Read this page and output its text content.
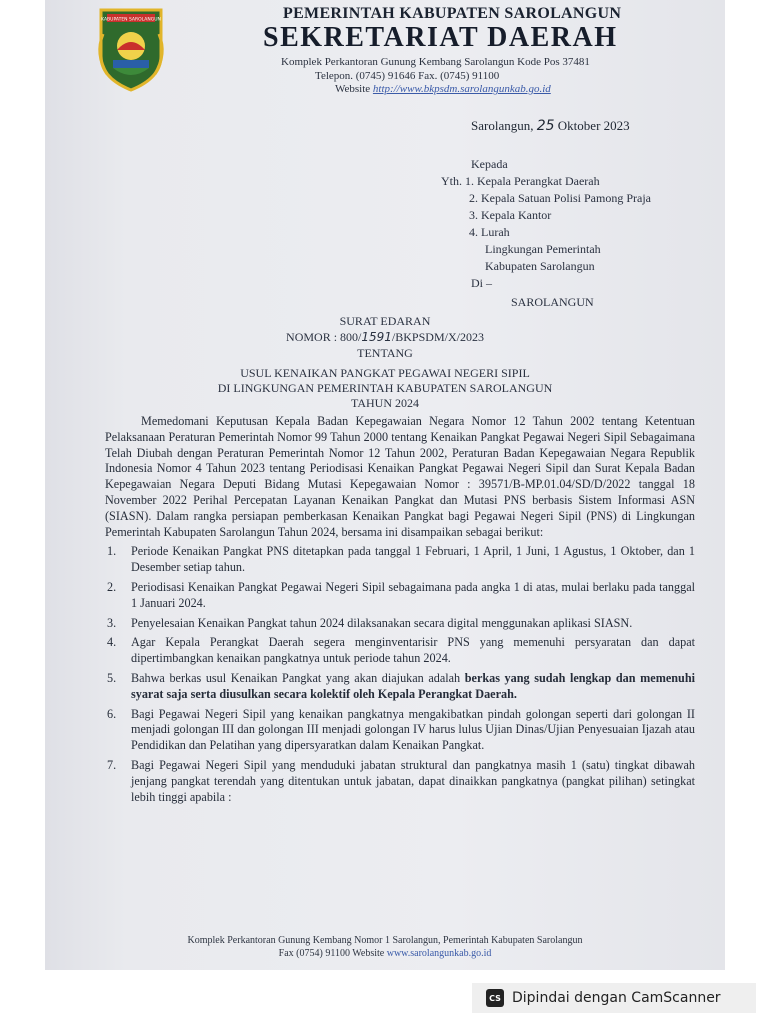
KABUPATEN SAROLANGUN	PEMERINTAH KABUPATEN SAROLANGUN
SEKRETARIAT DAERAH
Komplek Perkantoran Gunung Kembang Sarolangun Kode Pos 37481
Telepon. (0745) 91646 Fax. (0745) 91100
Website http://www.bkpsdm.sarolangunkab.go.id
Sarolangun, 25 Oktober 2023
Kepada
Yth. 1. Kepala Perangkat Daerah
2. Kepala Satuan Polisi Pamong Praja
3. Kepala Kantor
4. Lurah
Lingkungan Pemerintah
Kabupaten Sarolangun
Di –
SAROLANGUN
SURAT EDARAN
NOMOR : 800/1591/BKPSDM/X/2023
TENTANG
USUL KENAIKAN PANGKAT PEGAWAI NEGERI SIPIL
DI LINGKUNGAN PEMERINTAH KABUPATEN SAROLANGUN
TAHUN 2024

Memedomani Keputusan Kepala Badan Kepegawaian Negara Nomor 12 Tahun 2002 tentang Ketentuan Pelaksanaan Peraturan Pemerintah Nomor 99 Tahun 2000 tentang Kenaikan Pangkat Pegawai Negeri Sipil Sebagaimana Telah Diubah dengan Peraturan Pemerintah Nomor 12 Tahun 2002, Peraturan Badan Kepegawaian Negara Republik Indonesia Nomor 4 Tahun 2023 tentang Periodisasi Kenaikan Pangkat Pegawai Negeri Sipil dan Surat Kepala Badan Kepegawaian Negara Deputi Bidang Mutasi Kepegawaian Nomor : 39571/B-MP.01.04/SD/D/2022 tanggal 18 November 2022 Perihal Percepatan Layanan Kenaikan Pangkat dan Mutasi PNS berbasis Sistem Informasi ASN (SIASN). Dalam rangka persiapan pemberkasan Kenaikan Pangkat bagi Pegawai Negeri Sipil (PNS) di Lingkungan Pemerintah Kabupaten Sarolangun Tahun 2024, bersama ini disampaikan sebagai berikut:

1. Periode Kenaikan Pangkat PNS ditetapkan pada tanggal 1 Februari, 1 April, 1 Juni, 1 Agustus, 1 Oktober, dan 1 Desember setiap tahun.
2. Periodisasi Kenaikan Pangkat Pegawai Negeri Sipil sebagaimana pada angka 1 di atas, mulai berlaku pada tanggal 1 Januari 2024.
3. Penyelesaian Kenaikan Pangkat tahun 2024 dilaksanakan secara digital menggunakan aplikasi SIASN.
4. Agar Kepala Perangkat Daerah segera menginventarisir PNS yang memenuhi persyaratan dan dapat dipertimbangkan kenaikan pangkatnya untuk periode tahun 2024.
5. Bahwa berkas usul Kenaikan Pangkat yang akan diajukan adalah berkas yang sudah lengkap dan memenuhi syarat saja serta diusulkan secara kolektif oleh Kepala Perangkat Daerah.
6. Bagi Pegawai Negeri Sipil yang kenaikan pangkatnya mengakibatkan pindah golongan seperti dari golongan II menjadi golongan III dan golongan III menjadi golongan IV harus lulus Ujian Dinas/Ujian Penyesuaian Ijazah atau Pendidikan dan Pelatihan yang dipersyaratkan dalam Kenaikan Pangkat.
7. Bagi Pegawai Negeri Sipil yang menduduki jabatan struktural dan pangkatnya masih 1 (satu) tingkat dibawah jenjang pangkat terendah yang ditentukan untuk jabatan, dapat dinaikkan pangkatnya (pangkat pilihan) setingkat lebih tinggi apabila :
Komplek Perkantoran Gunung Kembang Nomor 1 Sarolangun, Pemerintah Kabupaten Sarolangun
Fax (0754) 91100 Website www.sarolangunkab.go.id
CS Dipindai dengan CamScanner
